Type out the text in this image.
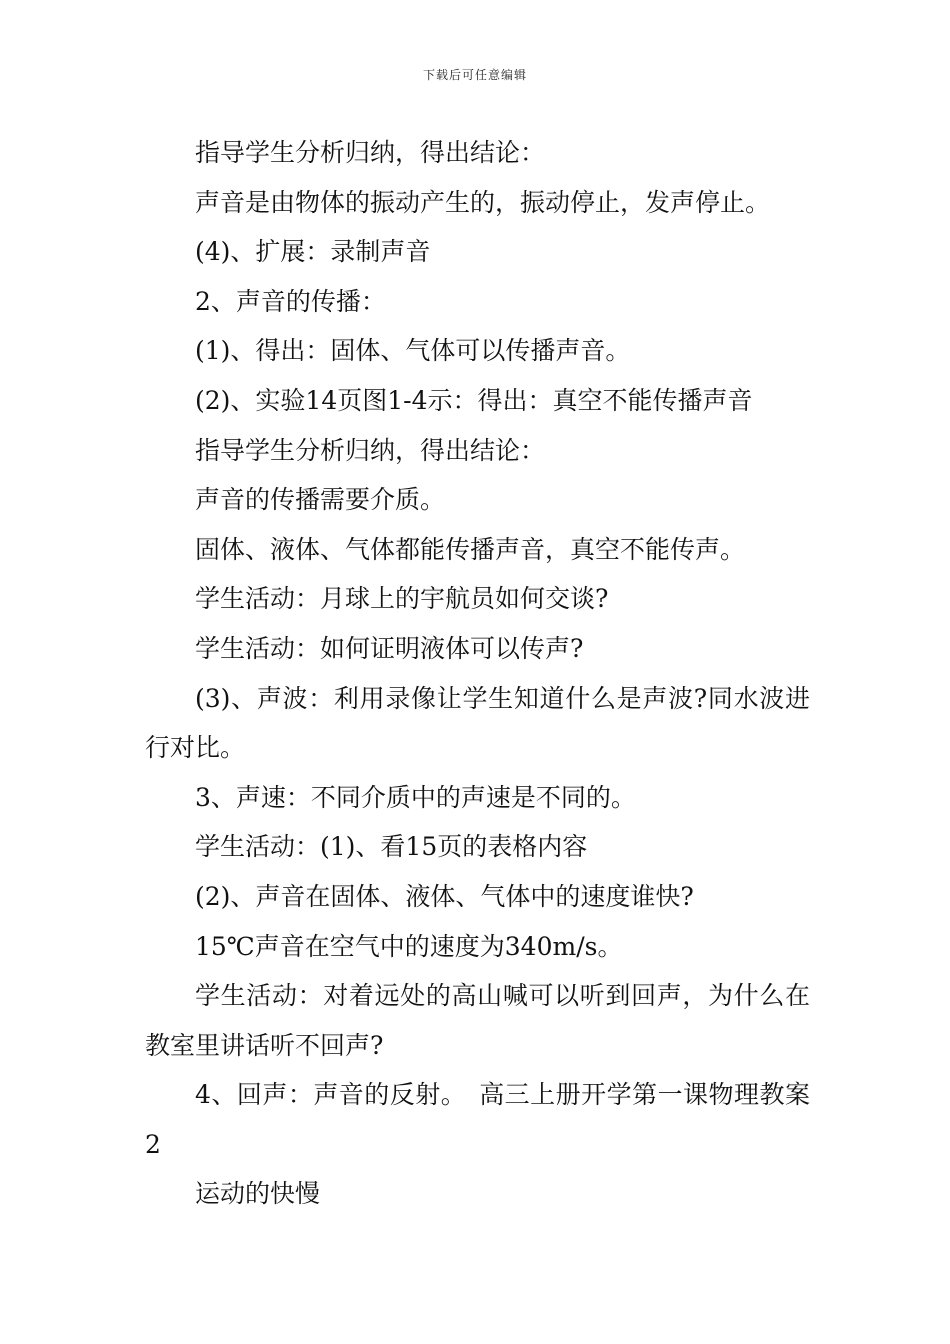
下载后可任意编辑

指导学生分析归纳，得出结论：

声音是由物体的振动产生的，振动停止，发声停止。

(4)、扩展：录制声音

2、声音的传播：

(1)、得出：固体、气体可以传播声音。

(2)、实验14页图1-4示：得出：真空不能传播声音

指导学生分析归纳，得出结论：

声音的传播需要介质。

固体、液体、气体都能传播声音，真空不能传声。

学生活动：月球上的宇航员如何交谈?

学生活动：如何证明液体可以传声?

(3)、声波：利用录像让学生知道什么是声波?同水波进行对比。

3、声速：不同介质中的声速是不同的。

学生活动：(1)、看15页的表格内容

(2)、声音在固体、液体、气体中的速度谁快?

15℃声音在空气中的速度为340m/s。

学生活动：对着远处的高山喊可以听到回声，为什么在教室里讲话听不回声?

4、回声：声音的反射。　高三上册开学第一课物理教案2

运动的快慢
